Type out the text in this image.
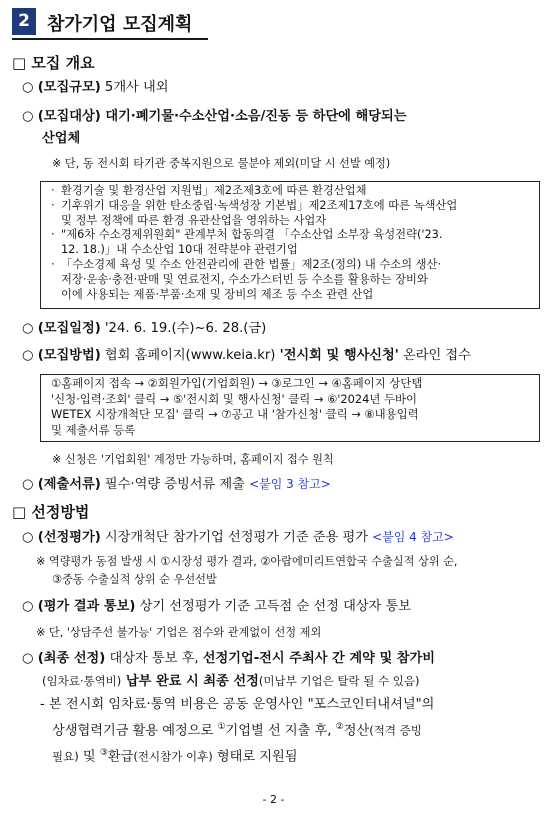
2 참가기업 모집계획
□ 모집 개요
○ (모집규모) 5개사 내외
○ (모집대상) 대기·폐기물·수소산업·소음/진동 등 하단에 해당되는
산업체
※ 단, 동 전시회 타기관 중복지원으로 물분야 제외(미달 시 선발 예정)
· 환경기술 및 환경산업 지원법」제2조제3호에 따른 환경산업체
· 기후위기 대응을 위한 탄소중립·녹색성장 기본법」제2조제17호에 따른 녹색산업
및 정부 정책에 따른 환경 유관산업을 영위하는 사업자
· "제6차 수소경제위원회" 관계부처 합동의결 「수소산업 소부장 육성전략('23.
12. 18.)」내 수소산업 10대 전략분야 관련기업
· 「수소경제 육성 및 수소 안전관리에 관한 법률」제2조(정의) 내 수소의 생산·
저장·운송·충전·판매 및 연료전지, 수소가스터빈 등 수소를 활용하는 장비와
이에 사용되는 제품·부품·소재 및 장비의 제조 등 수소 관련 산업
○ (모집일정) '24. 6. 19.(수)~6. 28.(금)
○ (모집방법) 협회 홈페이지(www.keia.kr) '전시회 및 행사신청' 온라인 접수
①홈페이지 접속 → ②회원가입(기업회원) → ③로그인 → ④홈페이지 상단탭
'신청·입력·조회' 클릭 → ⑤'전시회 및 행사신청' 클릭 → ⑥'2024년 두바이
WETEX 시장개척단 모집' 클릭 → ⑦공고 내 '참가신청' 클릭 → ⑧내용입력
및 제출서류 등록
※ 신청은 '기업회원' 계정만 가능하며, 홈페이지 접수 원칙
○ (제출서류) 필수·역량 증빙서류 제출 <붙임 3 참고>
□ 선정방법
○ (선정평가) 시장개척단 참가기업 선정평가 기준 준용 평가 <붙임 4 참고>
※ 역량평가 동점 발생 시 ①시장성 평가 결과, ②아랍에미리트연합국 수출실적 상위 순,
③중동 수출실적 상위 순 우선선발
○ (평가 결과 통보) 상기 선정평가 기준 고득점 순 선정 대상자 통보
※ 단, '상담주선 불가능' 기업은 점수와 관계없이 선정 제외
○ (최종 선정) 대상자 통보 후, 선정기업-전시 주최사 간 계약 및 참가비
(임차료·통역비) 납부 완료 시 최종 선정(미납부 기업은 탈락 될 수 있음)
- 본 전시회 임차료·통역 비용은 공동 운영사인 "포스코인터내셔널"의
상생협력기금 활용 예정으로 ①기업별 선 지출 후, ②정산(적격 증빙
필요) 및 ③환급(전시참가 이후) 형태로 지원됨
- 2 -
